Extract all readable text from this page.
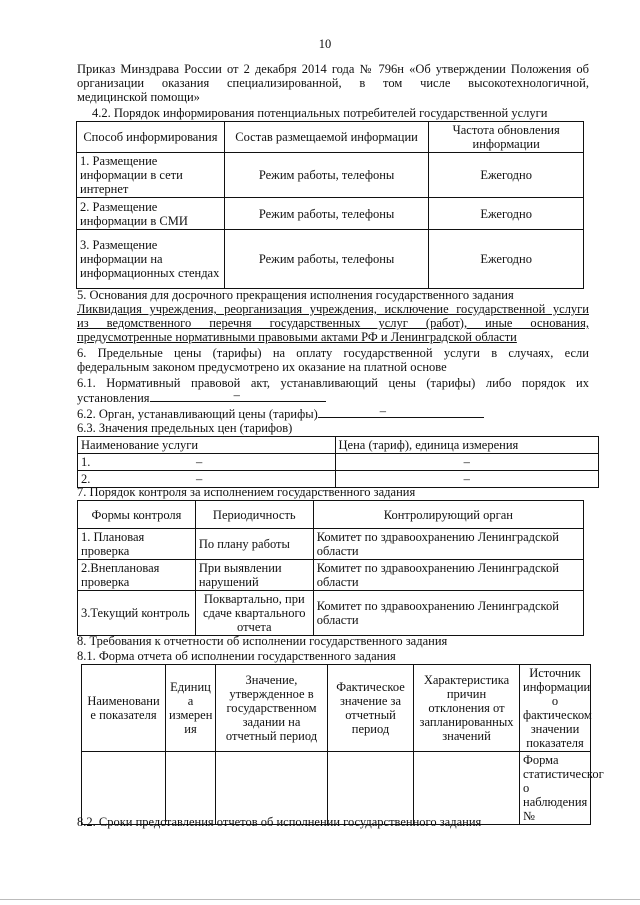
10
Приказ Минздрава России от 2 декабря 2014 года № 796н «Об утверждении Положения об
организации оказания специализированной, в том числе высокотехнологичной,
медицинской помощи»
4.2. Порядок информирования потенциальных потребителей государственной услуги
Способ информирования	Состав размещаемой информации	Частота обновления информации
1. Размещение информации в сети интернет	Режим работы, телефоны	Ежегодно
2. Размещение информации в СМИ	Режим работы, телефоны	Ежегодно
3. Размещение информации на информационных стендах	Режим работы, телефоны	Ежегодно
5. Основания для досрочного прекращения исполнения государственного задания
Ликвидация учреждения, реорганизация учреждения, исключение государственной услуги
из ведомственного перечня государственных услуг (работ), иные основания,
предусмотренные нормативными правовыми актами РФ и Ленинградской области
6. Предельные цены (тарифы) на оплату государственной услуги в случаях, если
федеральным законом предусмотрено их оказание на платной основе
6.1. Нормативный правовой акт, устанавливающий цены (тарифы) либо порядок их
установления	–
6.2. Орган, устанавливающий цены (тарифы)	–
6.3. Значения предельных цен (тарифов)
Наименование услуги	Цена (тариф), единица измерения
1. –	–
2. –	–
7. Порядок контроля за исполнением государственного задания
Формы контроля	Периодичность	Контролирующий орган
1. Плановая проверка	По плану работы	Комитет по здравоохранению Ленинградской области
2.Внеплановая проверка	При выявлении нарушений	Комитет по здравоохранению Ленинградской области
3.Текущий контроль	Поквартально, при сдаче квартального отчета	Комитет по здравоохранению Ленинградской области
8. Требования к отчетности об исполнении государственного задания
8.1. Форма отчета об исполнении государственного задания
Наименовани е показателя	Единиц а измерен ия	Значение, утвержденное в государственном задании на отчетный период	Фактическое значение за отчетный период	Характеристика причин отклонения от запланированных значений	Источник информации о фактическом значении показателя
					Форма статистическог о наблюдения №
8.2. Сроки представления отчетов об исполнении государственного задания
